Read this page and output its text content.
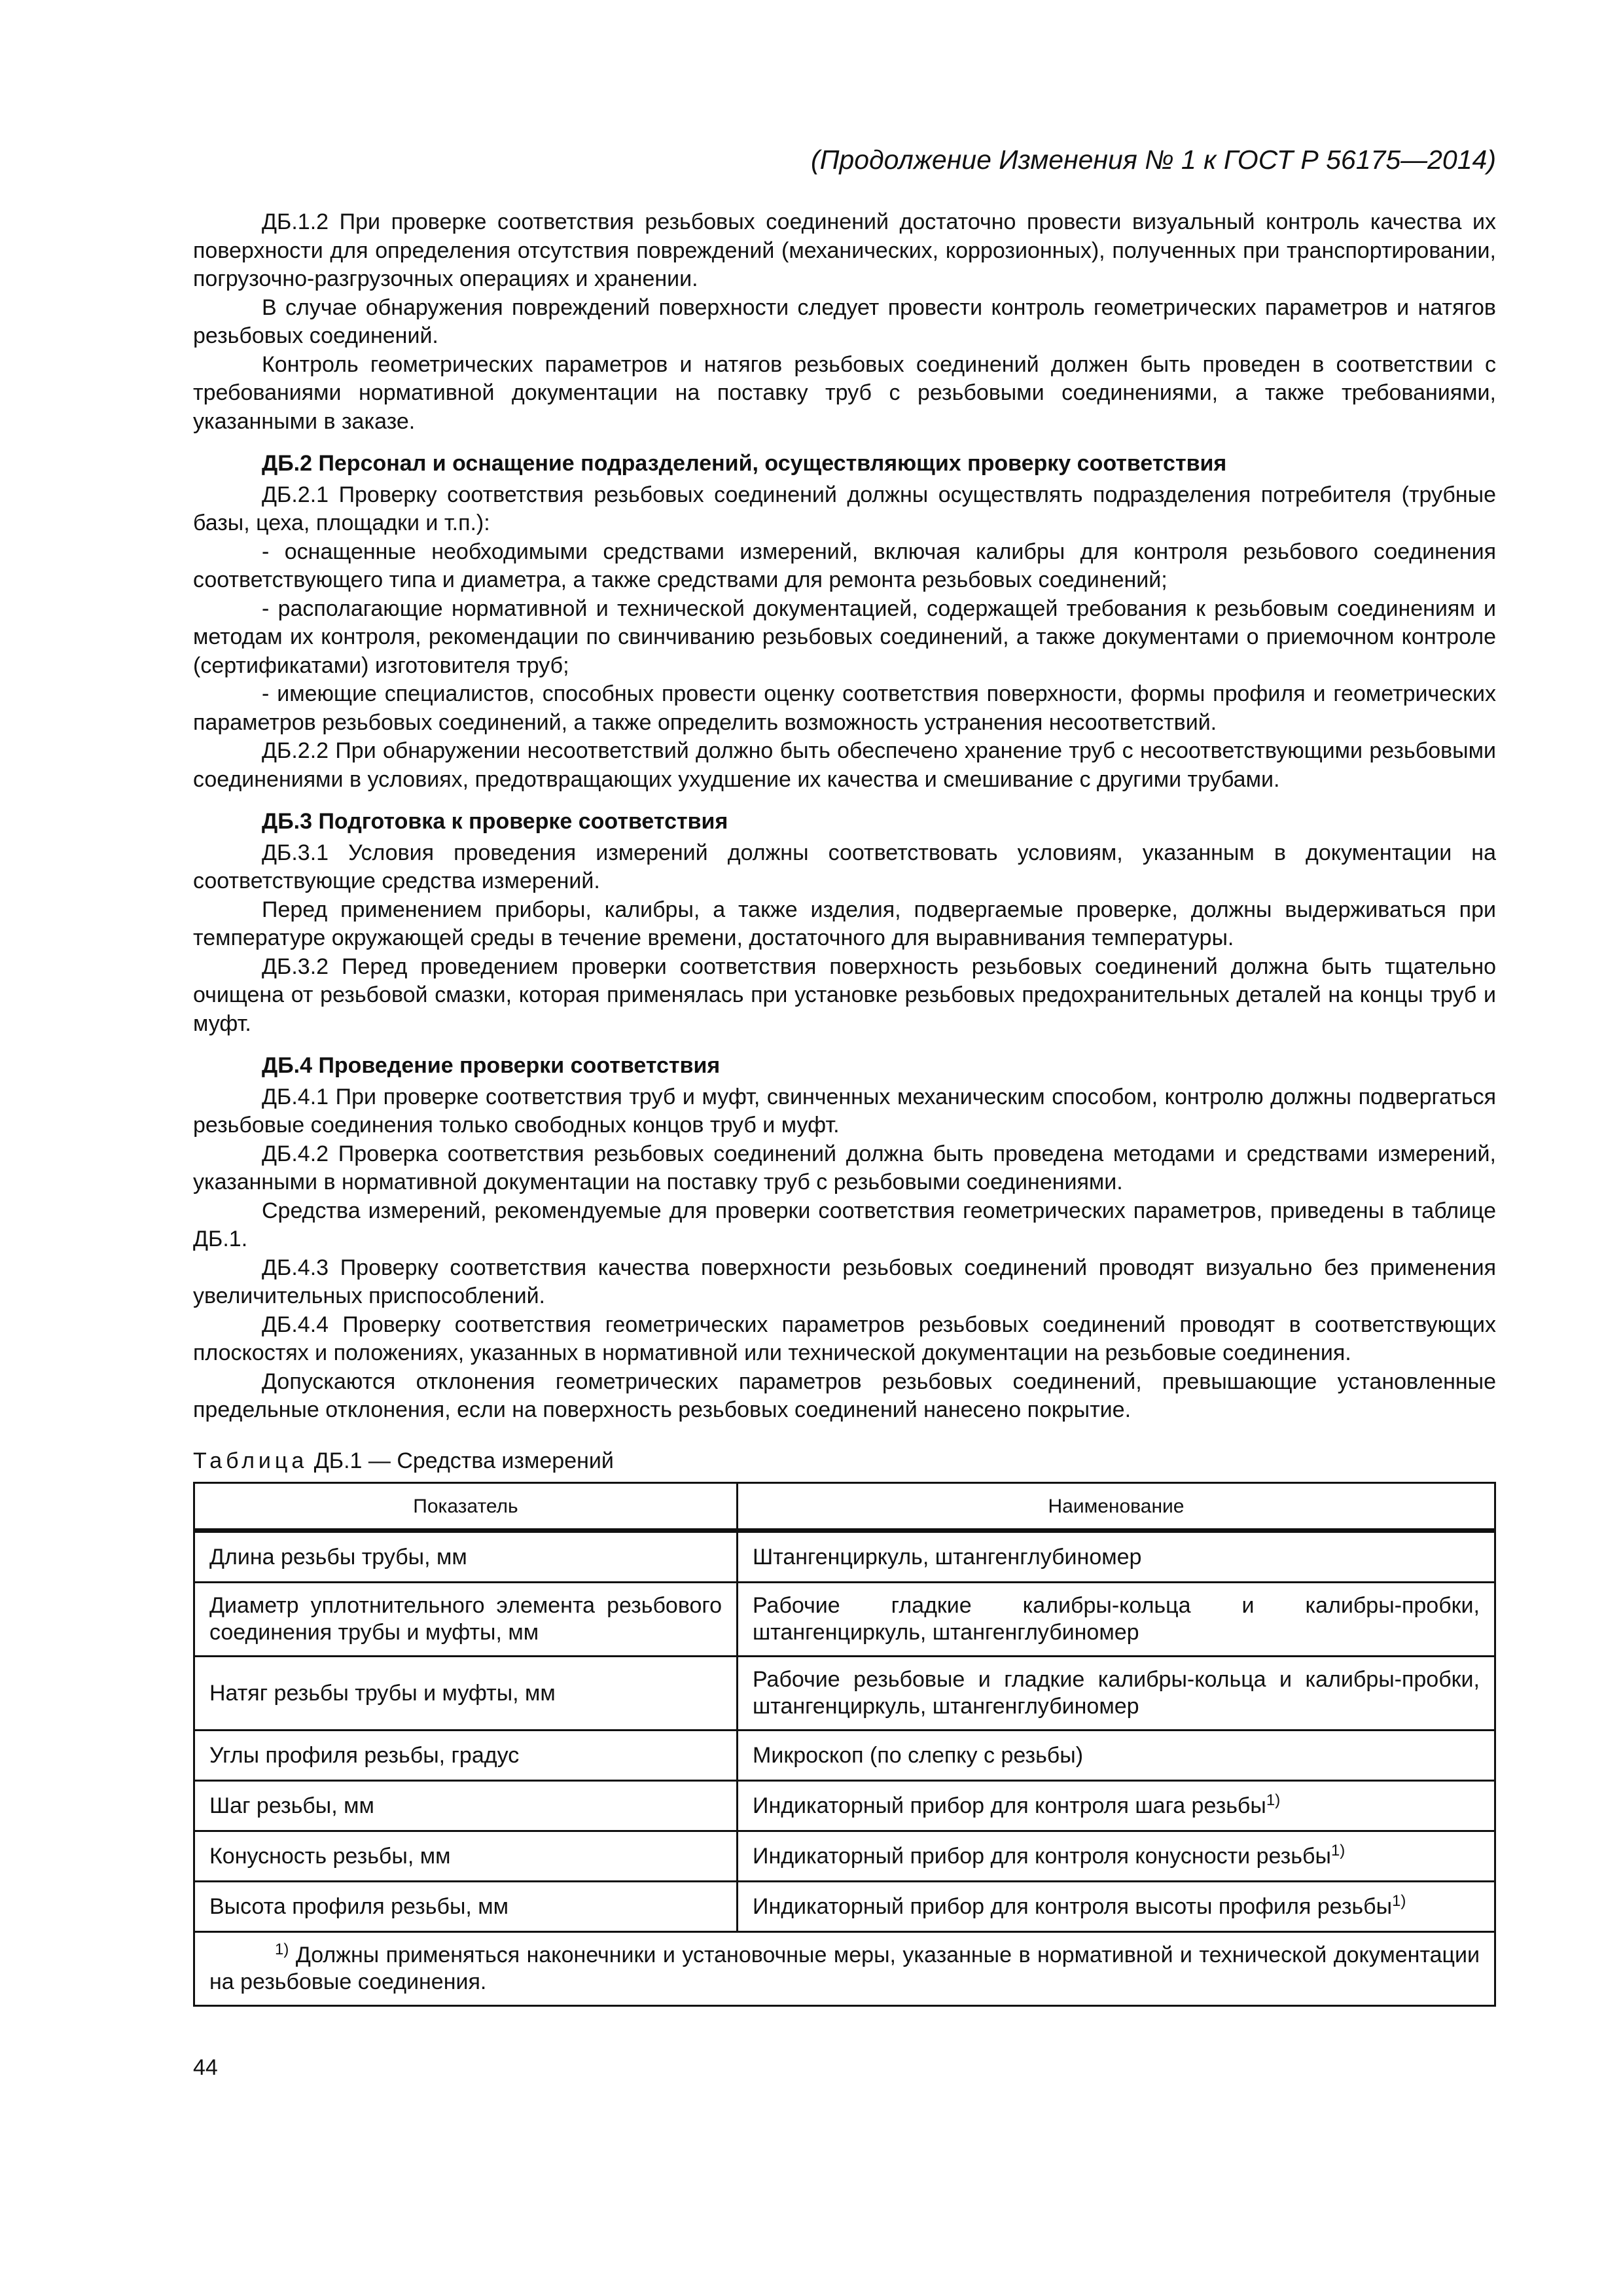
(Продолжение Изменения № 1 к ГОСТ Р 56175—2014)

ДБ.1.2 При проверке соответствия резьбовых соединений достаточно провести визуальный контроль качества их поверхности для определения отсутствия повреждений (механических, коррозионных), полученных при транспортировании, погрузочно-разгрузочных операциях и хранении.

В случае обнаружения повреждений поверхности следует провести контроль геометрических параметров и натягов резьбовых соединений.

Контроль геометрических параметров и натягов резьбовых соединений должен быть проведен в соответствии с требованиями нормативной документации на поставку труб с резьбовыми соединениями, а также требованиями, указанными в заказе.

ДБ.2 Персонал и оснащение подразделений, осуществляющих проверку соответствия

ДБ.2.1 Проверку соответствия резьбовых соединений должны осуществлять подразделения потребителя (трубные базы, цеха, площадки и т.п.):

- оснащенные необходимыми средствами измерений, включая калибры для контроля резьбового соединения соответствующего типа и диаметра, а также средствами для ремонта резьбовых соединений;

- располагающие нормативной и технической документацией, содержащей требования к резьбовым соединениям и методам их контроля, рекомендации по свинчиванию резьбовых соединений, а также документами о приемочном контроле (сертификатами) изготовителя труб;

- имеющие специалистов, способных провести оценку соответствия поверхности, формы профиля и геометрических параметров резьбовых соединений, а также определить возможность устранения несоответствий.

ДБ.2.2 При обнаружении несоответствий должно быть обеспечено хранение труб с несоответствующими резьбовыми соединениями в условиях, предотвращающих ухудшение их качества и смешивание с другими трубами.

ДБ.3 Подготовка к проверке соответствия

ДБ.3.1 Условия проведения измерений должны соответствовать условиям, указанным в документации на соответствующие средства измерений.

Перед применением приборы, калибры, а также изделия, подвергаемые проверке, должны выдерживаться при температуре окружающей среды в течение времени, достаточного для выравнивания температуры.

ДБ.3.2 Перед проведением проверки соответствия поверхность резьбовых соединений должна быть тщательно очищена от резьбовой смазки, которая применялась при установке резьбовых предохранительных деталей на концы труб и муфт.

ДБ.4 Проведение проверки соответствия

ДБ.4.1 При проверке соответствия труб и муфт, свинченных механическим способом, контролю должны подвергаться резьбовые соединения только свободных концов труб и муфт.

ДБ.4.2 Проверка соответствия резьбовых соединений должна быть проведена методами и средствами измерений, указанными в нормативной документации на поставку труб с резьбовыми соединениями.

Средства измерений, рекомендуемые для проверки соответствия геометрических параметров, приведены в таблице ДБ.1.

ДБ.4.3 Проверку соответствия качества поверхности резьбовых соединений проводят визуально без применения увеличительных приспособлений.

ДБ.4.4 Проверку соответствия геометрических параметров резьбовых соединений проводят в соответствующих плоскостях и положениях, указанных в нормативной или технической документации на резьбовые соединения.

Допускаются отклонения геометрических параметров резьбовых соединений, превышающие установленные предельные отклонения, если на поверхность резьбовых соединений нанесено покрытие.

Таблица ДБ.1 — Средства измерений
Показатель	Наименование
Длина резьбы трубы, мм	Штангенциркуль, штангенглубиномер
Диаметр уплотнительного элемента резьбового соединения трубы и муфты, мм	Рабочие гладкие калибры-кольца и калибры-пробки, штангенциркуль, штангенглубиномер
Натяг резьбы трубы и муфты, мм	Рабочие резьбовые и гладкие калибры-кольца и калибры-пробки, штангенциркуль, штангенглубиномер
Углы профиля резьбы, градус	Микроскоп (по слепку с резьбы)
Шаг резьбы, мм	Индикаторный прибор для контроля шага резьбы$^{1)}$
Конусность резьбы, мм	Индикаторный прибор для контроля конусности резьбы$^{1)}$
Высота профиля резьбы, мм	Индикаторный прибор для контроля высоты профиля резьбы$^{1)}$
$^{1)}$ Должны применяться наконечники и установочные меры, указанные в нормативной и технической документации на резьбовые соединения.	
44
